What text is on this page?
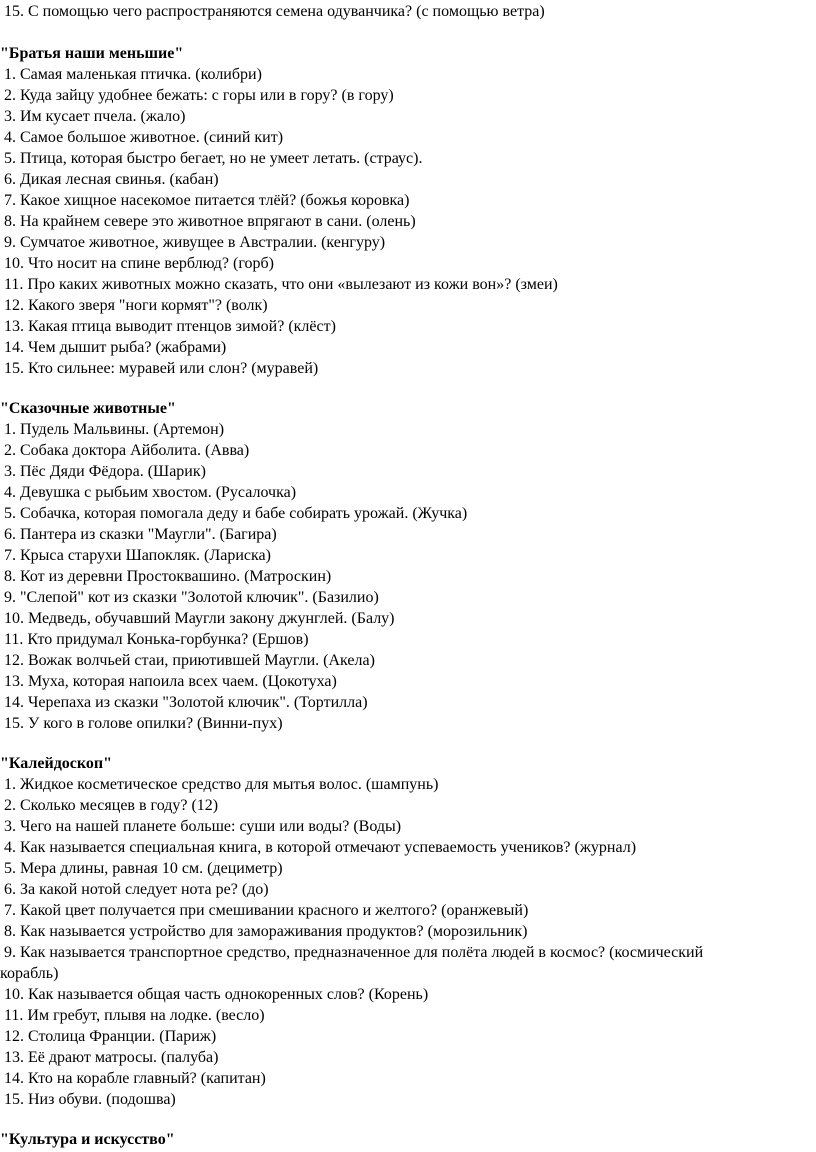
15. С помощью чего распространяются семена одуванчика? (с помощью ветра)
"Братья наши меньшие"
1. Самая маленькая птичка. (колибри)
2. Куда зайцу удобнее бежать: с горы или в гору? (в гору)
3. Им кусает пчела. (жало)
4. Самое большое животное. (синий кит)
5. Птица, которая быстро бегает, но не умеет летать. (страус).
6. Дикая лесная свинья. (кабан)
7. Какое хищное насекомое питается тлёй? (божья коровка)
8. На крайнем севере это животное впрягают в сани. (олень)
9. Сумчатое животное, живущее в Австралии. (кенгуру)
10. Что носит на спине верблюд? (горб)
11. Про каких животных можно сказать, что они «вылезают из кожи вон»? (змеи)
12. Какого зверя "ноги кормят"? (волк)
13. Какая птица выводит птенцов зимой? (клёст)
14. Чем дышит рыба? (жабрами)
15. Кто сильнее: муравей или слон? (муравей)
"Сказочные животные"
1. Пудель Мальвины. (Артемон)
2. Собака доктора Айболита. (Авва)
3. Пёс Дяди Фёдора. (Шарик)
4. Девушка с рыбьим хвостом. (Русалочка)
5. Собачка, которая помогала деду и бабе собирать урожай. (Жучка)
6. Пантера из сказки "Маугли". (Багира)
7. Крыса старухи Шапокляк. (Лариска)
8. Кот из деревни Простоквашино. (Матроскин)
9. "Слепой" кот из сказки "Золотой ключик". (Базилио)
10. Медведь, обучавший Маугли закону джунглей. (Балу)
11. Кто придумал Конька-горбунка? (Ершов)
12. Вожак волчьей стаи, приютившей Маугли. (Акела)
13. Муха, которая напоила всех чаем. (Цокотуха)
14. Черепаха из сказки "Золотой ключик". (Тортилла)
15. У кого в голове опилки? (Винни-пух)
"Калейдоскоп"
1. Жидкое косметическое средство для мытья волос. (шампунь)
2. Сколько месяцев в году? (12)
3. Чего на нашей планете больше: суши или воды? (Воды)
4. Как называется специальная книга, в которой отмечают успеваемость учеников? (журнал)
5. Мера длины, равная 10 см. (дециметр)
6. За какой нотой следует нота ре? (до)
7. Какой цвет получается при смешивании красного и желтого? (оранжевый)
8. Как называется устройство для замораживания продуктов? (морозильник)
9. Как называется транспортное средство, предназначенное для полёта людей в космос? (космический
корабль)
10. Как называется общая часть однокоренных слов? (Корень)
11. Им гребут, плывя на лодке. (весло)
12. Столица Франции. (Париж)
13. Её драют матросы. (палуба)
14. Кто на корабле главный? (капитан)
15. Низ обуви. (подошва)
"Культура и искусство"
